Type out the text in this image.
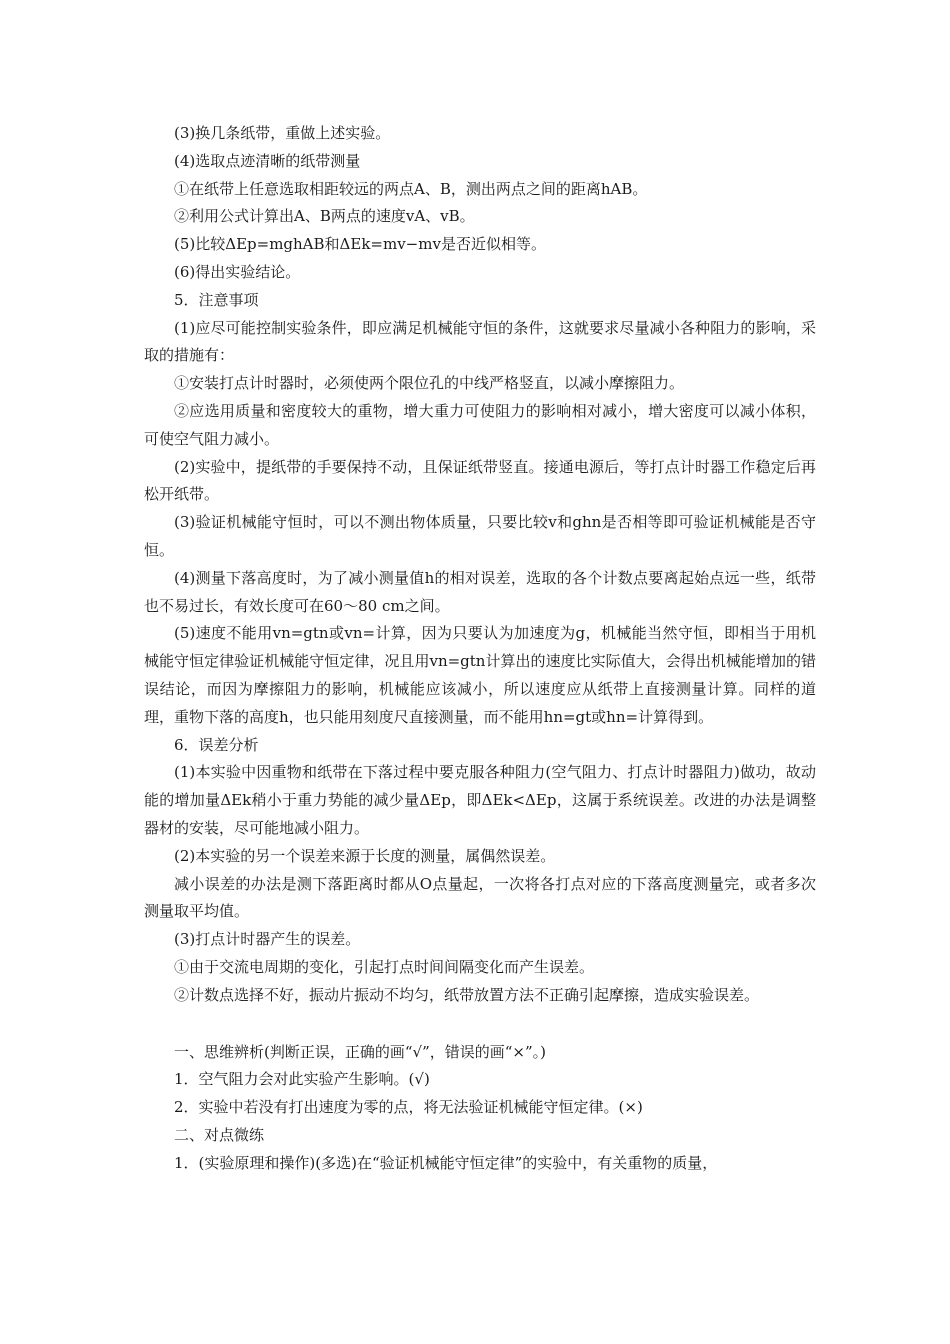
(3)换几条纸带，重做上述实验。

(4)选取点迹清晰的纸带测量

①在纸带上任意选取相距较远的两点A、B，测出两点之间的距离hAB。

②利用公式计算出A、B两点的速度vA、vB。

(5)比较ΔEp=mghAB和ΔEk=mv−mv是否近似相等。

(6)得出实验结论。

5．注意事项

(1)应尽可能控制实验条件，即应满足机械能守恒的条件，这就要求尽量减小各种阻力的影响，采取的措施有：

①安装打点计时器时，必须使两个限位孔的中线严格竖直，以减小摩擦阻力。

②应选用质量和密度较大的重物，增大重力可使阻力的影响相对减小，增大密度可以减小体积，可使空气阻力减小。

(2)实验中，提纸带的手要保持不动，且保证纸带竖直。接通电源后，等打点计时器工作稳定后再松开纸带。

(3)验证机械能守恒时，可以不测出物体质量，只要比较v和ghn是否相等即可验证机械能是否守恒。

(4)测量下落高度时，为了减小测量值h的相对误差，选取的各个计数点要离起始点远一些，纸带也不易过长，有效长度可在60～80 cm之间。

(5)速度不能用vn=gtn或vn=计算，因为只要认为加速度为g，机械能当然守恒，即相当于用机械能守恒定律验证机械能守恒定律，况且用vn=gtn计算出的速度比实际值大，会得出机械能增加的错误结论，而因为摩擦阻力的影响，机械能应该减小，所以速度应从纸带上直接测量计算。同样的道理，重物下落的高度h，也只能用刻度尺直接测量，而不能用hn=gt或hn=计算得到。

6．误差分析

(1)本实验中因重物和纸带在下落过程中要克服各种阻力(空气阻力、打点计时器阻力)做功，故动能的增加量ΔEk稍小于重力势能的减少量ΔEp，即ΔEk<ΔEp，这属于系统误差。改进的办法是调整器材的安装，尽可能地减小阻力。

(2)本实验的另一个误差来源于长度的测量，属偶然误差。

减小误差的办法是测下落距离时都从O点量起，一次将各打点对应的下落高度测量完，或者多次测量取平均值。

(3)打点计时器产生的误差。

①由于交流电周期的变化，引起打点时间间隔变化而产生误差。

②计数点选择不好，振动片振动不均匀，纸带放置方法不正确引起摩擦，造成实验误差。

一、思维辨析(判断正误，正确的画“√”，错误的画“×”。)

1．空气阻力会对此实验产生影响。(√)

2．实验中若没有打出速度为零的点，将无法验证机械能守恒定律。(×)

二、对点微练

1．(实验原理和操作)(多选)在“验证机械能守恒定律”的实验中，有关重物的质量，
